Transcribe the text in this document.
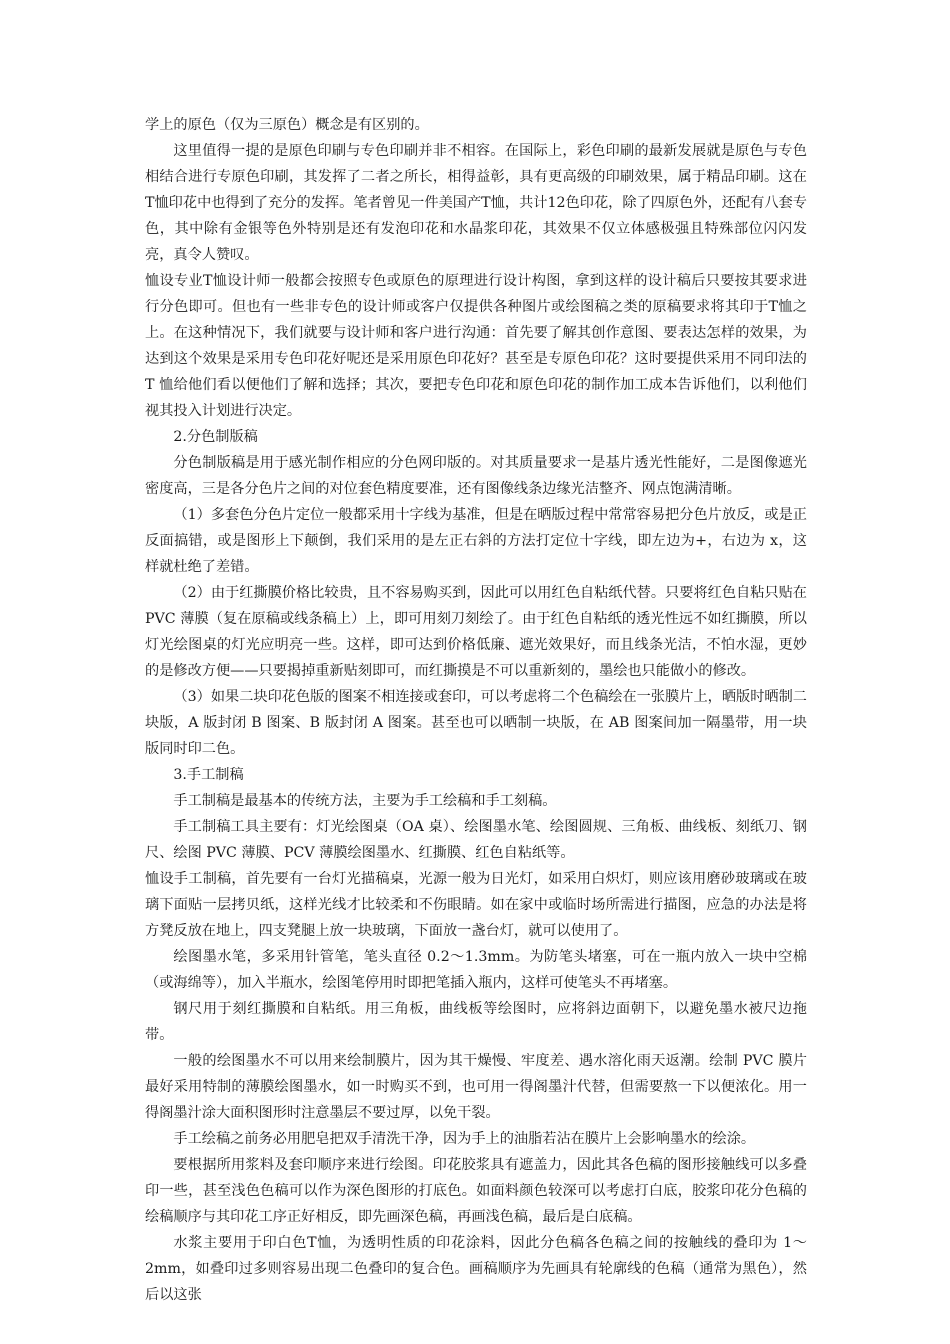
学上的原色（仅为三原色）概念是有区别的。

这里值得一提的是原色印刷与专色印刷并非不相容。在国际上，彩色印刷的最新发展就是原色与专色相结合进行专原色印刷，其发挥了二者之所长，相得益彰，具有更高级的印刷效果，属于精品印刷。这在T恤印花中也得到了充分的发挥。笔者曾见一件美国产T恤，共计12色印花，除了四原色外，还配有八套专色，其中除有金银等色外特别是还有发泡印花和水晶浆印花，其效果不仅立体感极强且特殊部位闪闪发亮，真令人赞叹。

恤设专业T恤设计师一般都会按照专色或原色的原理进行设计构图，拿到这样的设计稿后只要按其要求进行分色即可。但也有一些非专色的设计师或客户仅提供各种图片或绘图稿之类的原稿要求将其印于T恤之上。在这种情况下，我们就要与设计师和客户进行沟通：首先要了解其创作意图、要表达怎样的效果，为达到这个效果是采用专色印花好呢还是采用原色印花好？甚至是专原色印花？这时要提供采用不同印法的T 恤给他们看以便他们了解和选择；其次，要把专色印花和原色印花的制作加工成本告诉他们，以利他们视其投入计划进行决定。

2.分色制版稿

分色制版稿是用于感光制作相应的分色网印版的。对其质量要求一是基片透光性能好，二是图像遮光密度高，三是各分色片之间的对位套色精度要准，还有图像线条边缘光洁整齐、网点饱满清晰。

（1）多套色分色片定位一般都采用十字线为基准，但是在晒版过程中常常容易把分色片放反，或是正反面搞错，或是图形上下颠倒，我们采用的是左正右斜的方法打定位十字线，即左边为+，右边为 x，这样就杜绝了差错。

（2）由于红撕膜价格比较贵，且不容易购买到，因此可以用红色自粘纸代替。只要将红色自粘只贴在PVC 薄膜（复在原稿或线条稿上）上，即可用刻刀刻绘了。由于红色自粘纸的透光性远不如红撕膜，所以灯光绘图桌的灯光应明亮一些。这样，即可达到价格低廉、遮光效果好，而且线条光洁，不怕水湿，更妙的是修改方便——只要揭掉重新贴刻即可，而红撕摸是不可以重新刻的，墨绘也只能做小的修改。

（3）如果二块印花色版的图案不相连接或套印，可以考虑将二个色稿绘在一张膜片上，晒版时晒制二块版，A 版封闭 B 图案、B 版封闭 A 图案。甚至也可以晒制一块版，在 AB 图案间加一隔墨带，用一块版同时印二色。

3.手工制稿

手工制稿是最基本的传统方法，主要为手工绘稿和手工刻稿。

手工制稿工具主要有：灯光绘图桌（OA 桌）、绘图墨水笔、绘图圆规、三角板、曲线板、刻纸刀、钢尺、绘图 PVC 薄膜、PCV 薄膜绘图墨水、红撕膜、红色自粘纸等。

恤设手工制稿，首先要有一台灯光描稿桌，光源一般为日光灯，如采用白炽灯，则应该用磨砂玻璃或在玻璃下面贴一层拷贝纸，这样光线才比较柔和不伤眼睛。如在家中或临时场所需进行描图，应急的办法是将方凳反放在地上，四支凳腿上放一块玻璃，下面放一盏台灯，就可以使用了。

绘图墨水笔，多采用针管笔，笔头直径 0.2～1.3mm。为防笔头堵塞，可在一瓶内放入一块中空棉（或海绵等），加入半瓶水，绘图笔停用时即把笔插入瓶内，这样可使笔头不再堵塞。

钢尺用于刻红撕膜和自粘纸。用三角板，曲线板等绘图时，应将斜边面朝下，以避免墨水被尺边拖带。

一般的绘图墨水不可以用来绘制膜片，因为其干燥慢、牢度差、遇水溶化雨天返潮。绘制 PVC 膜片最好采用特制的薄膜绘图墨水，如一时购买不到，也可用一得阁墨汁代替，但需要熬一下以便浓化。用一得阁墨汁涂大面积图形时注意墨层不要过厚，以免干裂。

手工绘稿之前务必用肥皂把双手清洗干净，因为手上的油脂若沾在膜片上会影响墨水的绘涂。

要根据所用浆料及套印顺序来进行绘图。印花胶浆具有遮盖力，因此其各色稿的图形接触线可以多叠印一些，甚至浅色色稿可以作为深色图形的打底色。如面料颜色较深可以考虑打白底，胶浆印花分色稿的绘稿顺序与其印花工序正好相反，即先画深色稿，再画浅色稿，最后是白底稿。

水浆主要用于印白色T恤，为透明性质的印花涂料，因此分色稿各色稿之间的按触线的叠印为 1～2mm，如叠印过多则容易出现二色叠印的复合色。画稿顺序为先画具有轮廓线的色稿（通常为黑色），然后以这张
